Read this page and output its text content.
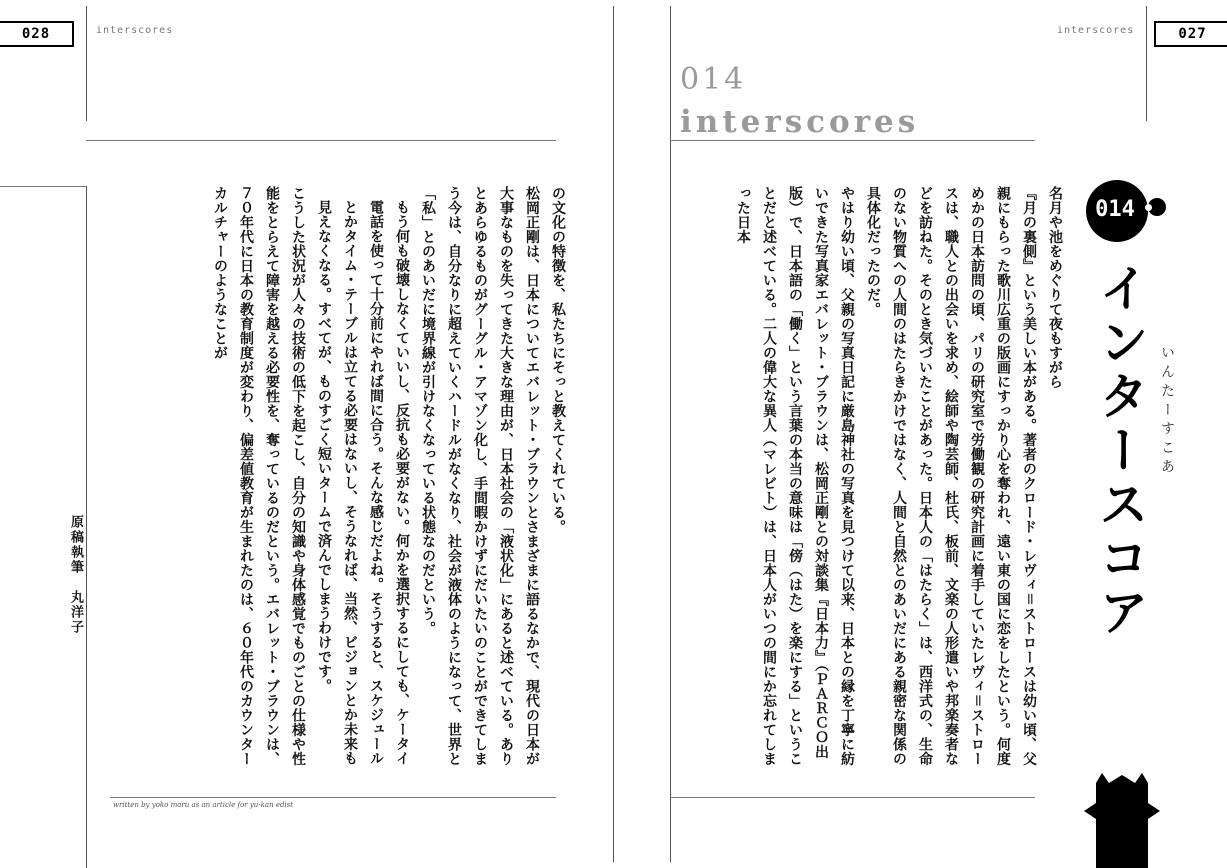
028	interscores
原稿執筆　丸洋子

の文化の特徴を、私たちにそっと教えてくれている。

松岡正剛は、日本についてエバレット・ブラウンとさまざまに語るなかで、現代の日本が大事なものを失ってきた大きな理由が、日本社会の「液状化」にあると述べている。ありとあらゆるものがグーグル・アマゾン化し、手間暇かけずにだいたいのことができてしまう今は、自分なりに超えていくハードルがなくなり、社会が液体のようになって、世界と「私」とのあいだに境界線が引けなくなっている状態なのだという。

もう何も破壊しなくていいし、反抗も必要がない。何かを選択するにしても、ケータイ電話を使って十分前にやれば間に合う。そんな感じだよね。そうすると、スケジュールとかタイム・テーブルは立てる必要はないし、そうなれば、当然、ビジョンとか未来も見えなくなる。すべてが、ものすごく短いタームで済んでしまうわけです。

こうした状況が人々の技術の低下を起こし、自分の知識や身体感覚でものごとの仕様や性能をとらえて障害を越える必要性を、奪っているのだという。エバレット・ブラウンは、７０年代に日本の教育制度が変わり、偏差値教育が生まれたのは、６０年代のカウンターカルチャーのようなことが

written by yoko maru as an article for yu-kan edist
interscores	027
014
interscores
014
インタースコア いんたーすこあ

名月や池をめぐりて夜もすがら

『月の裏側』という美しい本がある。著者のクロード・レヴィ＝ストロースは幼い頃、父親にもらった歌川広重の版画にすっかり心を奪われ、遠い東の国に恋をしたという。何度めかの日本訪問の頃、パリの研究室で労働観の研究計画に着手していたレヴィ＝ストロースは、職人との出会いを求め、絵師や陶芸師、杜氏、板前、文楽の人形遣いや邦楽奏者などを訪ねた。そのとき気づいたことがあった。日本人の「はたらく」は、西洋式の、生命のない物質への人間のはたらきかけではなく、人間と自然とのあいだにある親密な関係の具体化だったのだ。

やはり幼い頃、父親の写真日記に厳島神社の写真を見つけて以来、日本との縁を丁寧に紡いできた写真家エバレット・ブラウンは、松岡正剛との対談集『日本力』（ＰＡＲＣＯ出版）で、日本語の「働く」という言葉の本当の意味は「傍（はた）を楽にする」ということだと述べている。二人の偉大な異人（マレビト）は、日本人がいつの間にか忘れてしまった日本
